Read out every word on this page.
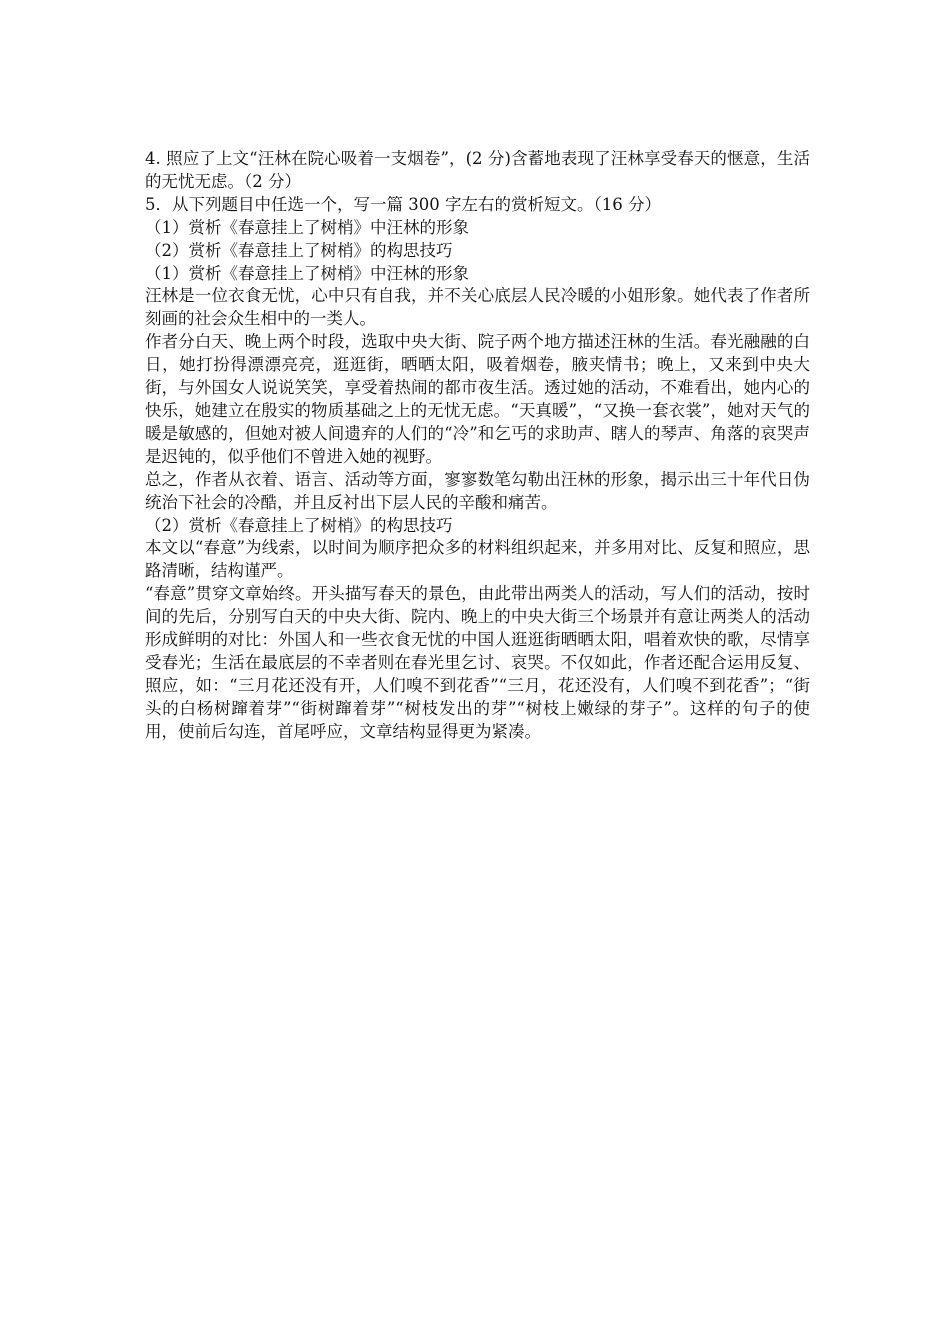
4. 照应了上文“汪林在院心吸着一支烟卷”，(2 分)含蓄地表现了汪林享受春天的惬意，生活的无忧无虑。（2 分）

5．从下列题目中任选一个，写一篇 300 字左右的赏析短文。（16 分）

（1）赏析《春意挂上了树梢》中汪林的形象

（2）赏析《春意挂上了树梢》的构思技巧

（1）赏析《春意挂上了树梢》中汪林的形象

汪林是一位衣食无忧，心中只有自我，并不关心底层人民冷暖的小姐形象。她代表了作者所刻画的社会众生相中的一类人。

作者分白天、晚上两个时段，选取中央大街、院子两个地方描述汪林的生活。春光融融的白日，她打扮得漂漂亮亮，逛逛街，晒晒太阳，吸着烟卷，腋夹情书；晚上，又来到中央大街，与外国女人说说笑笑，享受着热闹的都市夜生活。透过她的活动，不难看出，她内心的快乐，她建立在殷实的物质基础之上的无忧无虑。“天真暖”，“又换一套衣裳”，她对天气的暖是敏感的，但她对被人间遗弃的人们的“冷”和乞丐的求助声、瞎人的琴声、角落的哀哭声是迟钝的，似乎他们不曾进入她的视野。

总之，作者从衣着、语言、活动等方面，寥寥数笔勾勒出汪林的形象，揭示出三十年代日伪统治下社会的冷酷，并且反衬出下层人民的辛酸和痛苦。

（2）赏析《春意挂上了树梢》的构思技巧

本文以“春意”为线索，以时间为顺序把众多的材料组织起来，并多用对比、反复和照应，思路清晰，结构谨严。

“春意”贯穿文章始终。开头描写春天的景色，由此带出两类人的活动，写人们的活动，按时间的先后，分别写白天的中央大街、院内、晚上的中央大街三个场景并有意让两类人的活动形成鲜明的对比：外国人和一些衣食无忧的中国人逛逛街晒晒太阳，唱着欢快的歌，尽情享受春光；生活在最底层的不幸者则在春光里乞讨、哀哭。不仅如此，作者还配合运用反复、照应，如：“三月花还没有开，人们嗅不到花香”“三月，花还没有，人们嗅不到花香”；“街头的白杨树蹿着芽”“街树蹿着芽”“树枝发出的芽”“树枝上嫩绿的芽子”。这样的句子的使用，使前后勾连，首尾呼应，文章结构显得更为紧凑。
